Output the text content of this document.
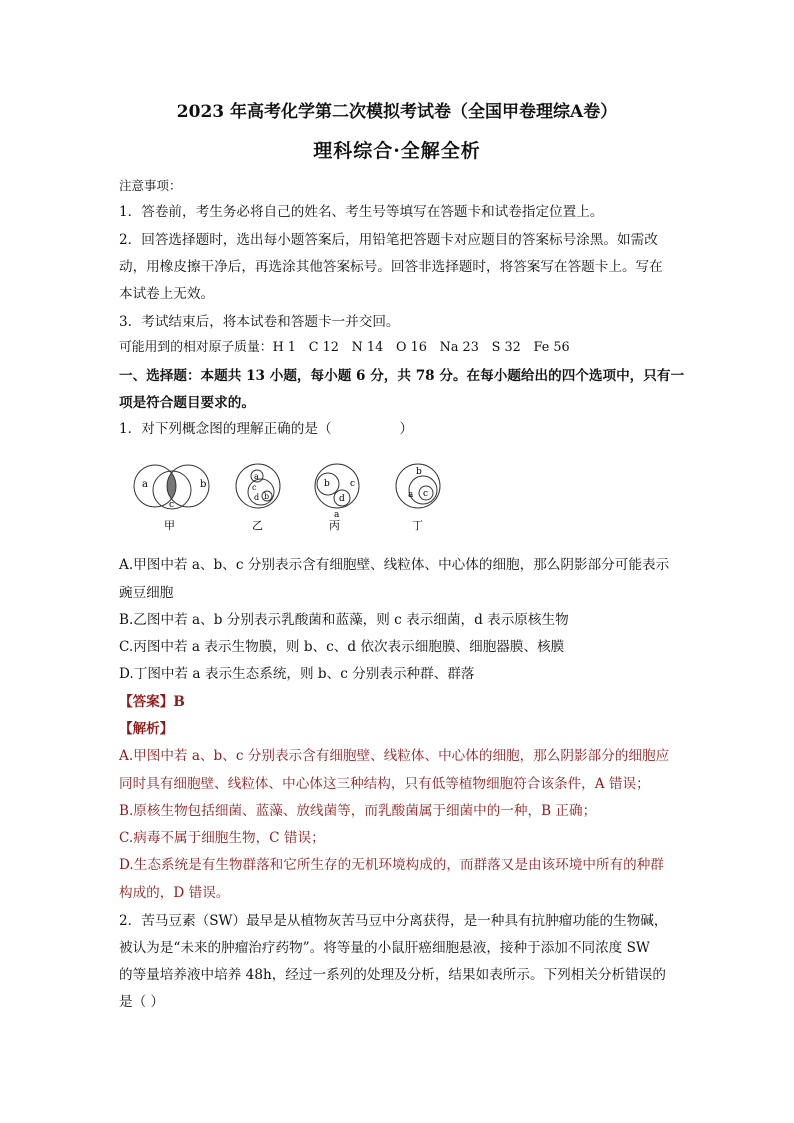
2023 年高考化学第二次模拟考试卷（全国甲卷理综A卷）
理科综合·全解全析
注意事项：
1．答卷前，考生务必将自己的姓名、考生号等填写在答题卡和试卷指定位置上。
2．回答选择题时，选出每小题答案后，用铅笔把答题卡对应题目的答案标号涂黑。如需改
动，用橡皮擦干净后，再选涂其他答案标号。回答非选择题时，将答案写在答题卡上。写在
本试卷上无效。
3．考试结束后，将本试卷和答题卡一并交回。
可能用到的相对原子质量：H 1　C 12　N 14　O 16　Na 23　S 32　Fe 56
一、选择题：本题共 13 小题，每小题 6 分，共 78 分。在每小题给出的四个选项中，只有一
项是符合题目要求的。
1．对下列概念图的理解正确的是（　　　　　）
a	b
c
甲
a
c
d b
乙
b c
d
a
丙
b
a c
丁
A.甲图中若 a、b、c 分别表示含有细胞壁、线粒体、中心体的细胞，那么阴影部分可能表示
豌豆细胞
B.乙图中若 a、b 分别表示乳酸菌和蓝藻，则 c 表示细菌，d 表示原核生物
C.丙图中若 a 表示生物膜，则 b、c、d 依次表示细胞膜、细胞器膜、核膜
D.丁图中若 a 表示生态系统，则 b、c 分别表示种群、群落
【答案】B
【解析】
A.甲图中若 a、b、c 分别表示含有细胞壁、线粒体、中心体的细胞，那么阴影部分的细胞应
同时具有细胞壁、线粒体、中心体这三种结构，只有低等植物细胞符合该条件，A 错误；
B.原核生物包括细菌、蓝藻、放线菌等，而乳酸菌属于细菌中的一种，B 正确；
C.病毒不属于细胞生物，C 错误；
D.生态系统是有生物群落和它所生存的无机环境构成的，而群落又是由该环境中所有的种群
构成的，D 错误。
2．苦马豆素（SW）最早是从植物灰苦马豆中分离获得，是一种具有抗肿瘤功能的生物碱，
被认为是“未来的肿瘤治疗药物”。将等量的小鼠肝癌细胞悬液，接种于添加不同浓度 SW
的等量培养液中培养 48h，经过一系列的处理及分析，结果如表所示。下列相关分析错误的
是（ ）
